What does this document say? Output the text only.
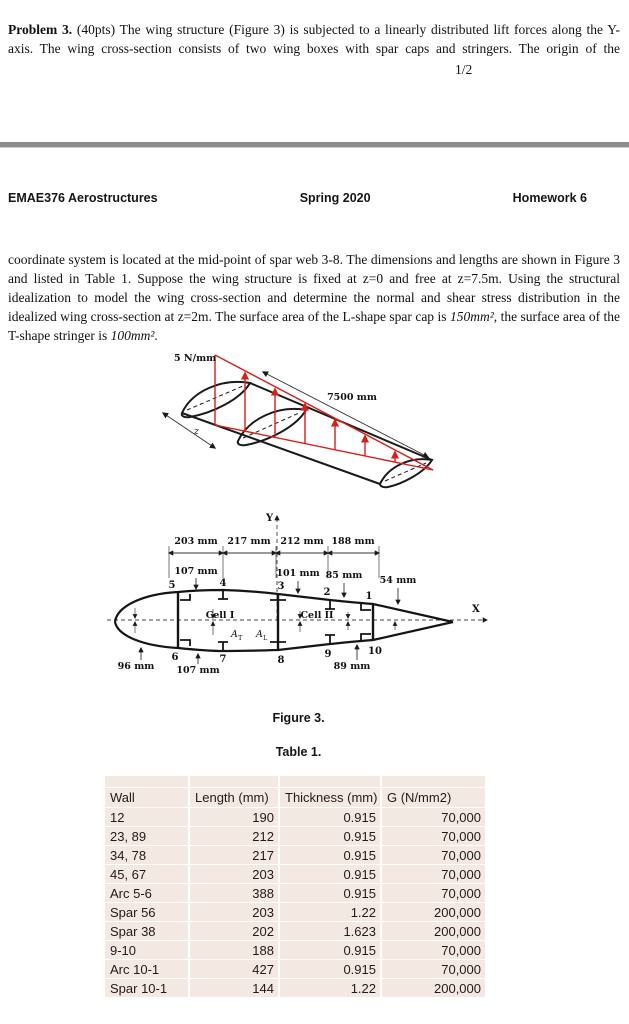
Problem 3. (40pts) The wing structure (Figure 3) is subjected to a linearly distributed lift forces along the Y-axis. The wing cross-section consists of two wing boxes with spar caps and stringers. The origin of the

1/2
EMAE376 Aerostructures	Spring 2020	Homework 6

coordinate system is located at the mid-point of spar web 3-8. The dimensions and lengths are shown in Figure 3 and listed in Table 1. Suppose the wing structure is fixed at z=0 and free at z=7.5m. Using the structural idealization to model the wing cross-section and determine the normal and shear stress distribution in the idealized wing cross-section at z=2m. The surface area of the L-shape spar cap is 150mm², the surface area of the T-shape stringer is 100mm².

5 N/mm
7500 mm
z
Y
X
203 mm 217 mm 212 mm 188 mm
107 mm	101 mm 85 mm 54 mm
96 mm 107 mm	89 mm
Cell I	Cell II
A T A L
5	4	3
2	1
6	7	8
9	10
Figure 3.
Table 1.

Wall	Length (mm)	Thickness (mm)	G (N/mm2)
12	190	0.915	70,000
23, 89	212	0.915	70,000
34, 78	217	0.915	70,000
45, 67	203	0.915	70,000
Arc 5-6	388	0.915	70,000
Spar 56	203	1.22	200,000
Spar 38	202	1.623	200,000
9-10	188	0.915	70,000
Arc 10-1	427	0.915	70,000
Spar 10-1	144	1.22	200,000
